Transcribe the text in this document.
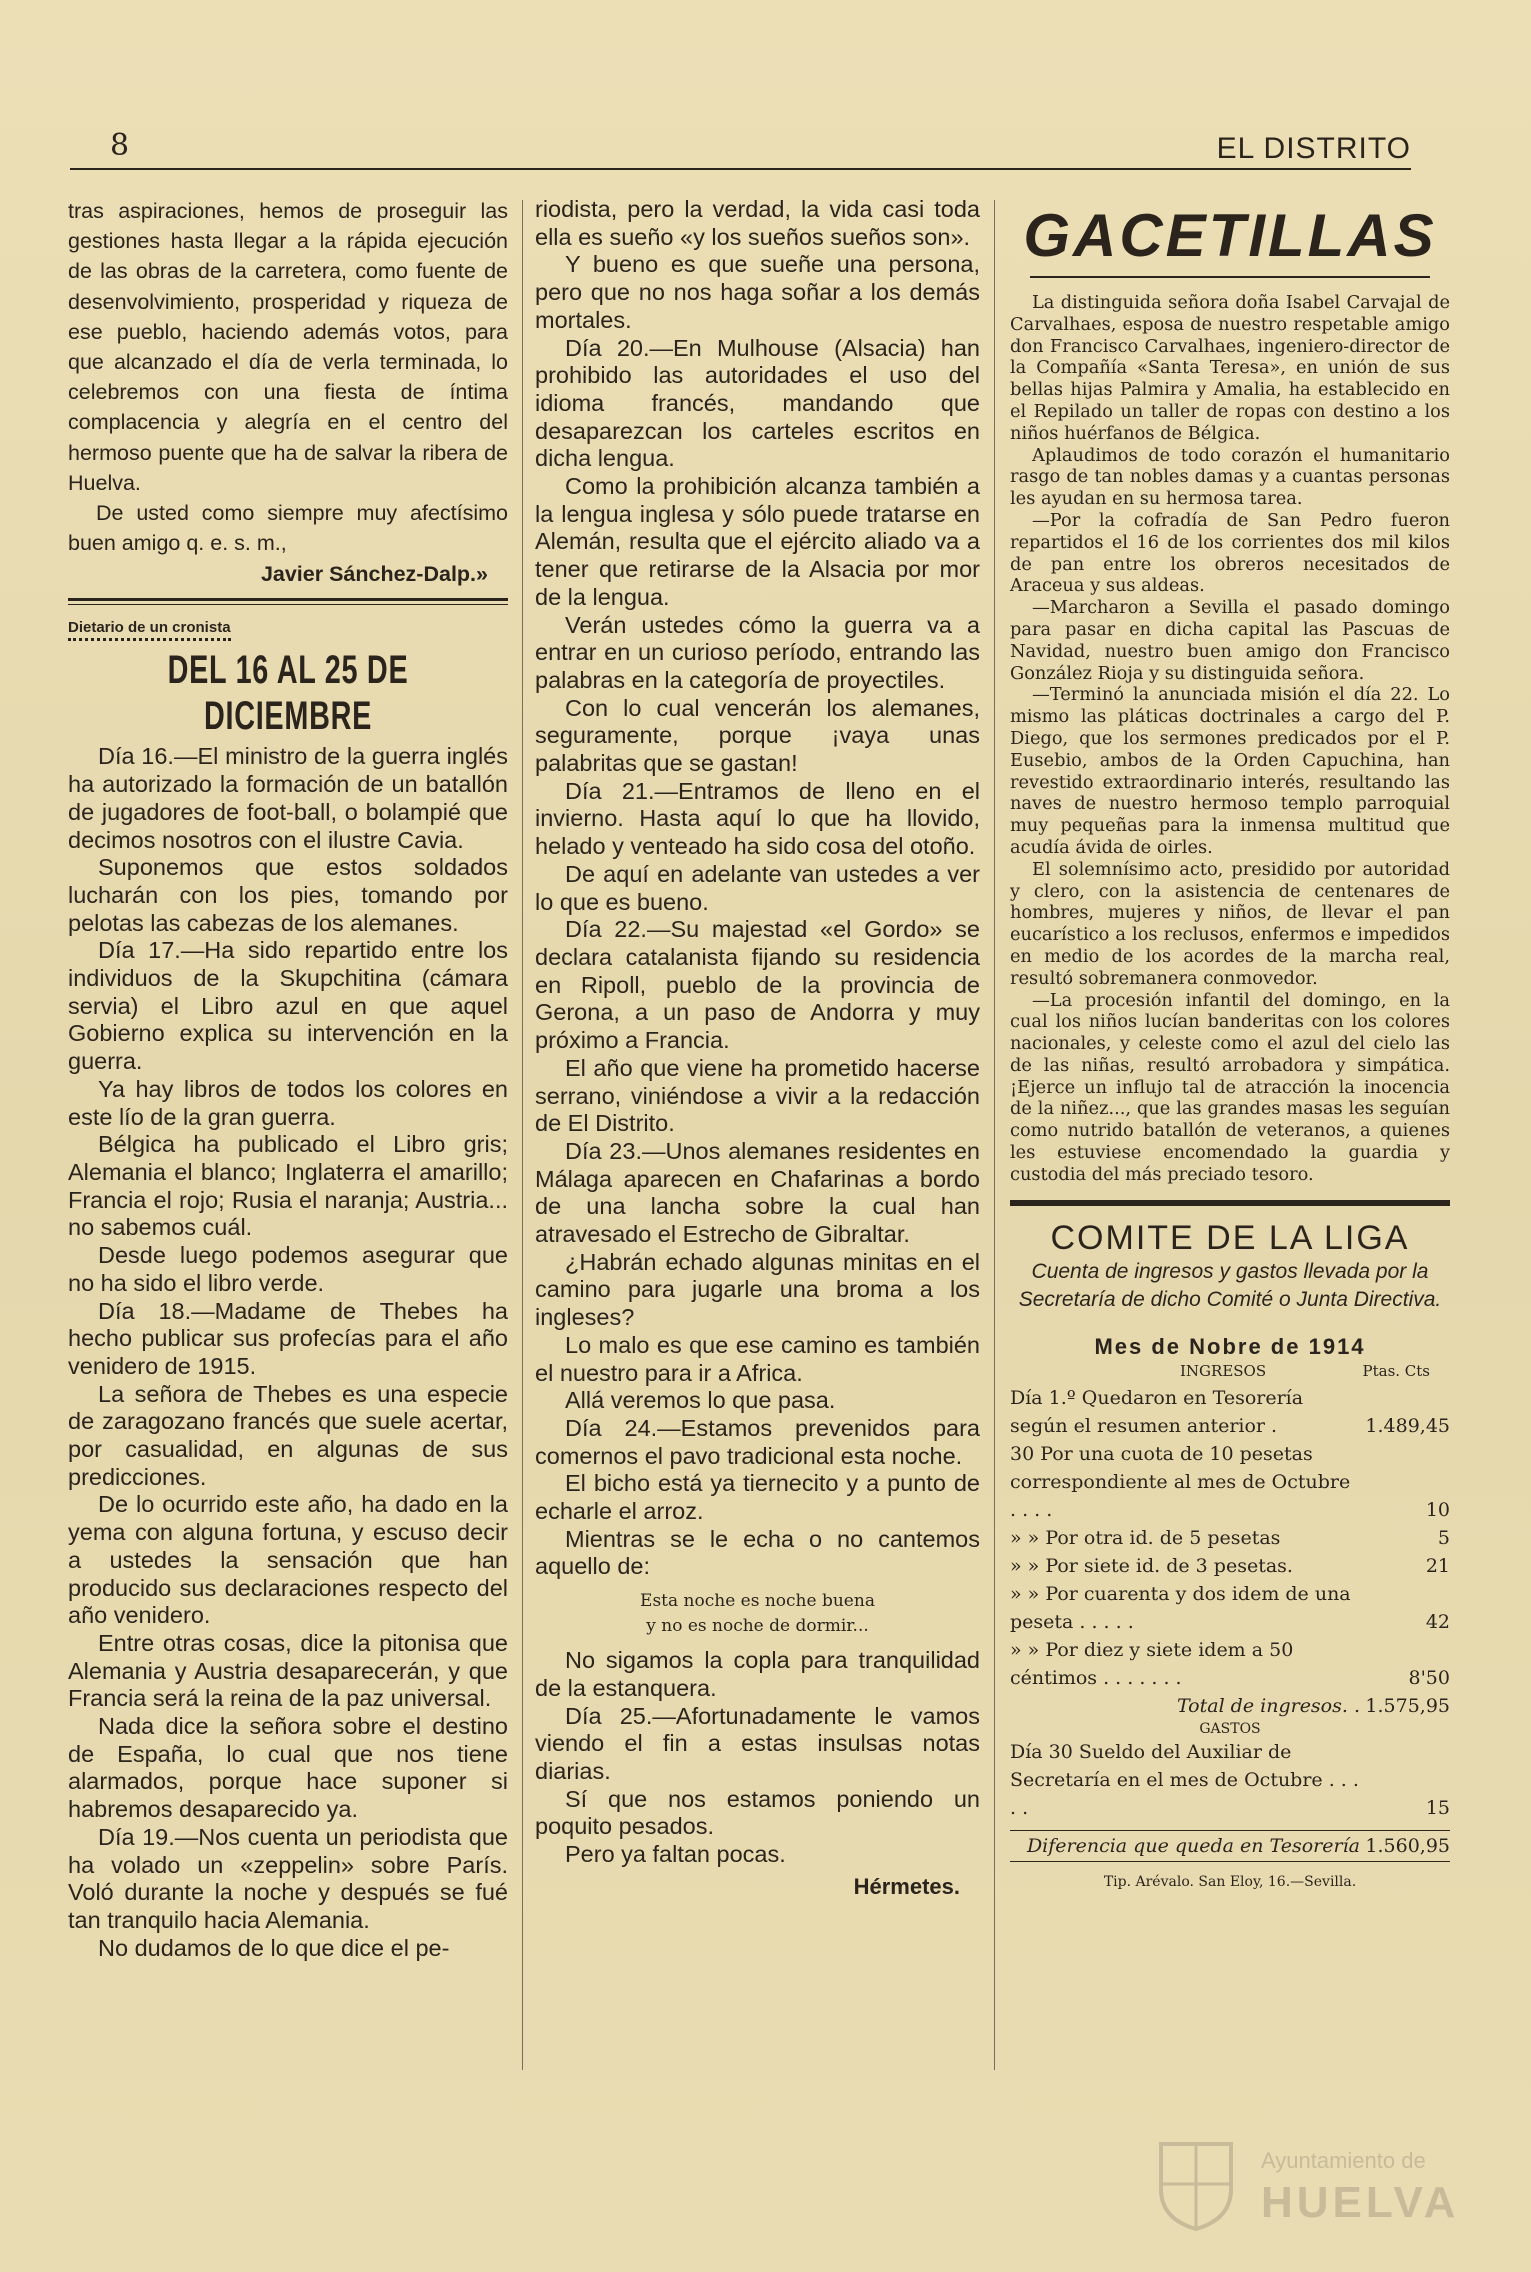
8	EL DISTRITO

tras aspiraciones, hemos de proseguir las gestiones hasta llegar a la rápida ejecución de las obras de la carretera, como fuente de desenvolvimiento, prosperidad y riqueza de ese pueblo, haciendo además votos, para que alcanzado el día de verla terminada, lo celebremos con una fiesta de íntima complacencia y alegría en el centro del hermoso puente que ha de salvar la ribera de Huelva.

De usted como siempre muy afectísimo buen amigo q. e. s. m.,

Javier Sánchez-Dalp.»
Dietario de un cronista
DEL 16 AL 25 DE DICIEMBRE

Día 16.—El ministro de la guerra inglés ha autorizado la formación de un batallón de jugadores de foot-ball, o bolampié que decimos nosotros con el ilustre Cavia.

Suponemos que estos soldados lucharán con los pies, tomando por pelotas las cabezas de los alemanes.

Día 17.—Ha sido repartido entre los individuos de la Skupchitina (cámara servia) el Libro azul en que aquel Gobierno explica su intervención en la guerra.

Ya hay libros de todos los colores en este lío de la gran guerra.

Bélgica ha publicado el Libro gris; Alemania el blanco; Inglaterra el amarillo; Francia el rojo; Rusia el naranja; Austria... no sabemos cuál.

Desde luego podemos asegurar que no ha sido el libro verde.

Día 18.—Madame de Thebes ha hecho publicar sus profecías para el año venidero de 1915.

La señora de Thebes es una especie de zaragozano francés que suele acertar, por casualidad, en algunas de sus predicciones.

De lo ocurrido este año, ha dado en la yema con alguna fortuna, y escuso decir a ustedes la sensación que han producido sus declaraciones respecto del año venidero.

Entre otras cosas, dice la pitonisa que Alemania y Austria desaparecerán, y que Francia será la reina de la paz universal.

Nada dice la señora sobre el destino de España, lo cual que nos tiene alarmados, porque hace suponer si habremos desaparecido ya.

Día 19.—Nos cuenta un periodista que ha volado un «zeppelin» sobre París. Voló durante la noche y después se fué tan tranquilo hacia Alemania.

No dudamos de lo que dice el pe-

riodista, pero la verdad, la vida casi toda ella es sueño «y los sueños sueños son».

Y bueno es que sueñe una persona, pero que no nos haga soñar a los demás mortales.

Día 20.—En Mulhouse (Alsacia) han prohibido las autoridades el uso del idioma francés, mandando que desaparezcan los carteles escritos en dicha lengua.

Como la prohibición alcanza también a la lengua inglesa y sólo puede tratarse en Alemán, resulta que el ejército aliado va a tener que retirarse de la Alsacia por mor de la lengua.

Verán ustedes cómo la guerra va a entrar en un curioso período, entrando las palabras en la categoría de proyectiles.

Con lo cual vencerán los alemanes, seguramente, porque ¡vaya unas palabritas que se gastan!

Día 21.—Entramos de lleno en el invierno. Hasta aquí lo que ha llovido, helado y venteado ha sido cosa del otoño.

De aquí en adelante van ustedes a ver lo que es bueno.

Día 22.—Su majestad «el Gordo» se declara catalanista fijando su residencia en Ripoll, pueblo de la provincia de Gerona, a un paso de Andorra y muy próximo a Francia.

El año que viene ha prometido hacerse serrano, viniéndose a vivir a la redacción de El Distrito.

Día 23.—Unos alemanes residentes en Málaga aparecen en Chafarinas a bordo de una lancha sobre la cual han atravesado el Estrecho de Gibraltar.

¿Habrán echado algunas minitas en el camino para jugarle una broma a los ingleses?

Lo malo es que ese camino es también el nuestro para ir a Africa.

Allá veremos lo que pasa.

Día 24.—Estamos prevenidos para comernos el pavo tradicional esta noche.

El bicho está ya tiernecito y a punto de echarle el arroz.

Mientras se le echa o no cantemos aquello de:

Esta noche es noche buena
y no es noche de dormir...

No sigamos la copla para tranquilidad de la estanquera.

Día 25.—Afortunadamente le vamos viendo el fin a estas insulsas notas diarias.

Sí que nos estamos poniendo un poquito pesados.

Pero ya faltan pocas.

Hérmetes.
GACETILLAS

La distinguida señora doña Isabel Carvajal de Carvalhaes, esposa de nuestro respetable amigo don Francisco Carvalhaes, ingeniero-director de la Compañía «Santa Teresa», en unión de sus bellas hijas Palmira y Amalia, ha establecido en el Repilado un taller de ropas con destino a los niños huérfanos de Bélgica.

Aplaudimos de todo corazón el humanitario rasgo de tan nobles damas y a cuantas personas les ayudan en su hermosa tarea.

—Por la cofradía de San Pedro fueron repartidos el 16 de los corrientes dos mil kilos de pan entre los obreros necesitados de Araceua y sus aldeas.

—Marcharon a Sevilla el pasado domingo para pasar en dicha capital las Pascuas de Navidad, nuestro buen amigo don Francisco González Rioja y su distinguida señora.

—Terminó la anunciada misión el día 22. Lo mismo las pláticas doctrinales a cargo del P. Diego, que los sermones predicados por el P. Eusebio, ambos de la Orden Capuchina, han revestido extraordinario interés, resultando las naves de nuestro hermoso templo parroquial muy pequeñas para la inmensa multitud que acudía ávida de oirles.

El solemnísimo acto, presidido por autoridad y clero, con la asistencia de centenares de hombres, mujeres y niños, de llevar el pan eucarístico a los reclusos, enfermos e impedidos en medio de los acordes de la marcha real, resultó sobremanera conmovedor.

—La procesión infantil del domingo, en la cual los niños lucían banderitas con los colores nacionales, y celeste como el azul del cielo las de las niñas, resultó arrobadora y simpática. ¡Ejerce un influjo tal de atracción la inocencia de la niñez..., que las grandes masas les seguían como nutrido batallón de veteranos, a quienes les estuviese encomendado la guardia y custodia del más preciado tesoro.

COMITE DE LA LIGA
Cuenta de ingresos y gastos llevada por la Secretaría de dicho Comité o Junta Directiva.
Mes de Nobre de 1914
INGRESOS	Ptas. Cts
Día 1.º Quedaron en Tesorería según el resumen anterior .	1.489,45
30 Por una cuota de 10 pesetas correspondiente al mes de Octubre . . . .	10
» » Por otra id. de 5 pesetas	5
» » Por siete id. de 3 pesetas.	21
» » Por cuarenta y dos idem de una peseta . . . . .	42
» » Por diez y siete idem a 50 céntimos . . . . . . .	8'50
Total de ingresos. . 1.575,95
GASTOS
Día 30 Sueldo del Auxiliar de Secretaría en el mes de Octubre . . . . .	15
Diferencia que queda en Tesorería 1.560,95
Tip. Arévalo. San Eloy, 16.—Sevilla.
Ayuntamiento de
HUELVA
